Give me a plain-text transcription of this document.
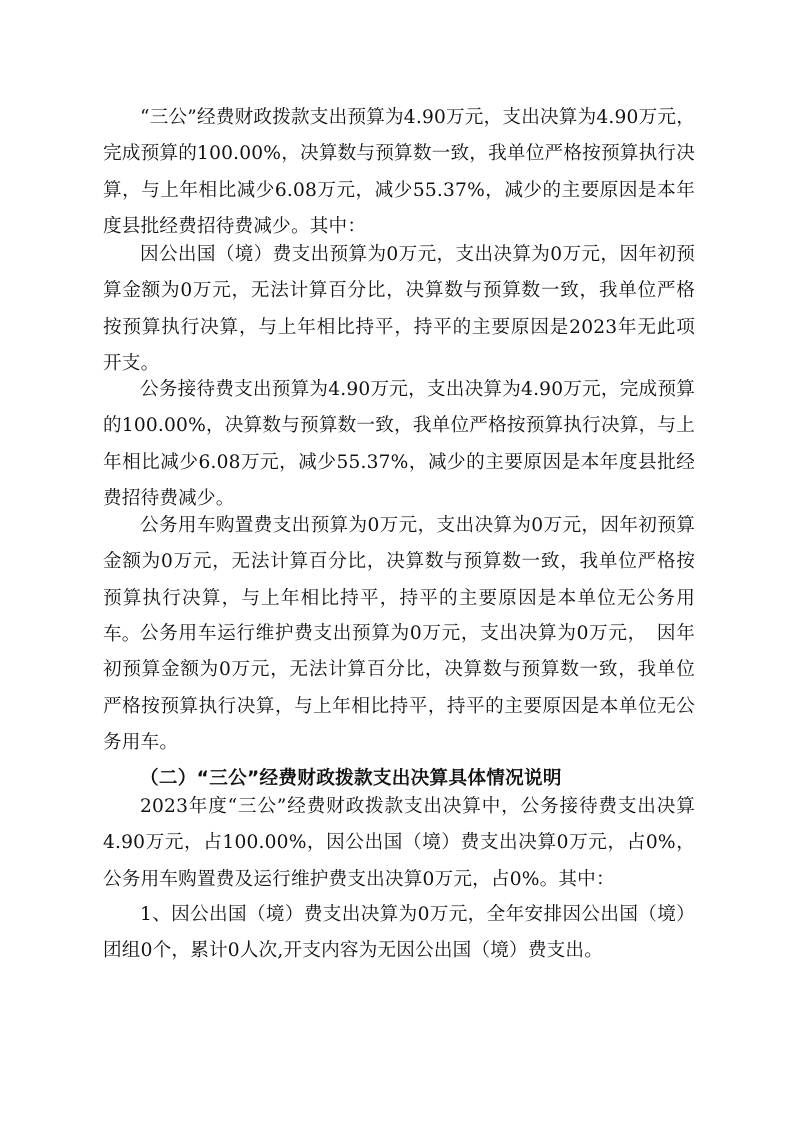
“三公”经费财政拨款支出预算为4.90万元，支出决算为4.90万元，完成预算的100.00%，决算数与预算数一致，我单位严格按预算执行决算，与上年相比减少6.08万元，减少55.37%，减少的主要原因是本年度县批经费招待费减少。其中：

因公出国（境）费支出预算为0万元，支出决算为0万元，因年初预算金额为0万元，无法计算百分比，决算数与预算数一致，我单位严格按预算执行决算，与上年相比持平，持平的主要原因是2023年无此项开支。

公务接待费支出预算为4.90万元，支出决算为4.90万元，完成预算的100.00%，决算数与预算数一致，我单位严格按预算执行决算，与上年相比减少6.08万元，减少55.37%，减少的主要原因是本年度县批经费招待费减少。

公务用车购置费支出预算为0万元，支出决算为0万元，因年初预算金额为0万元，无法计算百分比，决算数与预算数一致，我单位严格按预算执行决算，与上年相比持平，持平的主要原因是本单位无公务用车。 公务用车运行维护费支出预算为0万元，支出决算为0万元，　因年初预算金额为0万元，无法计算百分比，决算数与预算数一致，我单位严格按预算执行决算，与上年相比持平，持平的主要原因是本单位无公务用车。

（二）“三公”经费财政拨款支出决算具体情况说明

2023年度“三公”经费财政拨款支出决算中，公务接待费支出决算4.90万元，占100.00%，因公出国（境）费支出决算0万元，占0%，公务用车购置费及运行维护费支出决算0万元，占0%。其中：

1、因公出国（境）费支出决算为0万元，全年安排因公出国（境）团组0个，累计0人次,开支内容为无因公出国（境）费支出。
